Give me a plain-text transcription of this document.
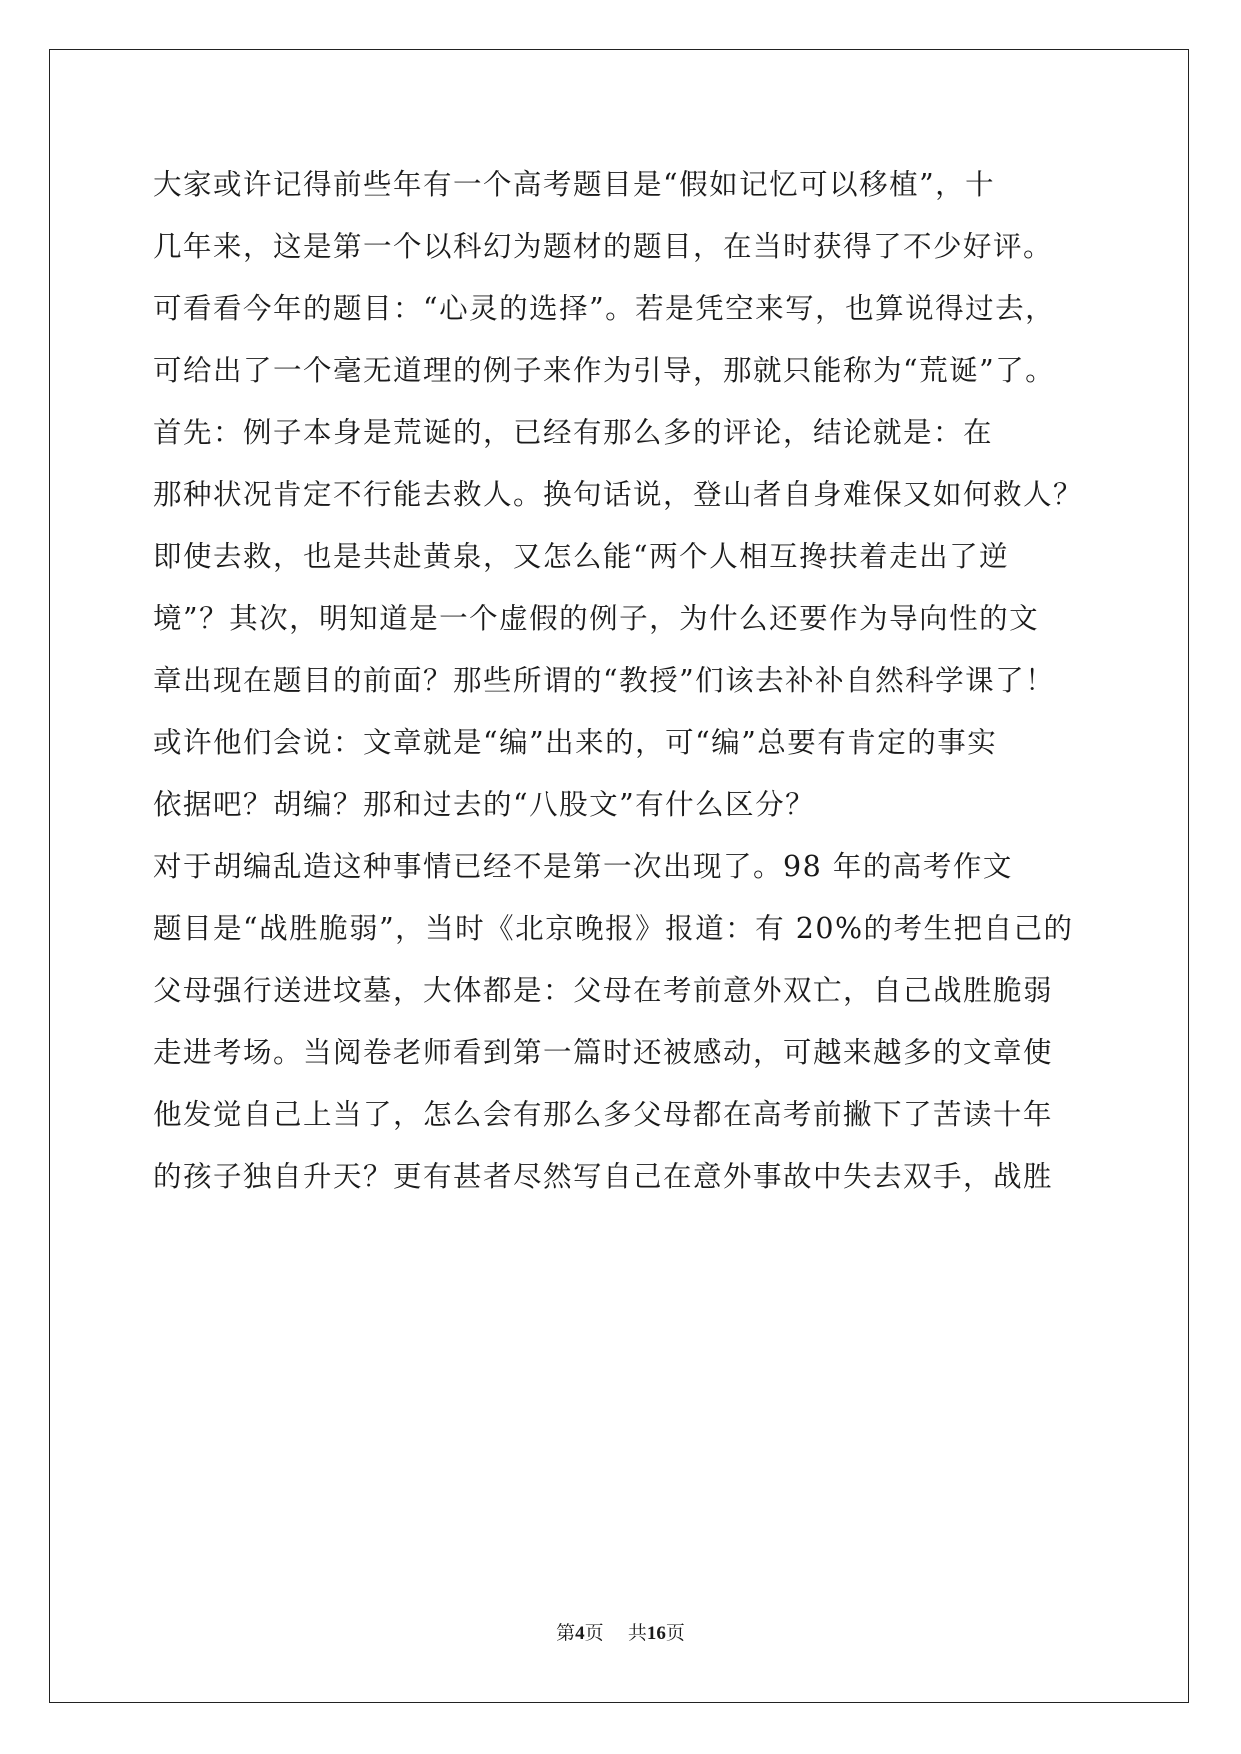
大家或许记得前些年有一个高考题目是“假如记忆可以移植”，十
几年来，这是第一个以科幻为题材的题目，在当时获得了不少好评。
可看看今年的题目：“心灵的选择”。若是凭空来写，也算说得过去，
可给出了一个毫无道理的例子来作为引导，那就只能称为“荒诞”了。
首先：例子本身是荒诞的，已经有那么多的评论，结论就是：在
那种状况肯定不行能去救人。换句话说，登山者自身难保又如何救人？
即使去救，也是共赴黄泉，又怎么能“两个人相互搀扶着走出了逆
境”？其次，明知道是一个虚假的例子，为什么还要作为导向性的文
章出现在题目的前面？那些所谓的“教授”们该去补补自然科学课了！
或许他们会说：文章就是“编”出来的，可“编”总要有肯定的事实
依据吧？胡编？那和过去的“八股文”有什么区分？
对于胡编乱造这种事情已经不是第一次出现了。98 年的高考作文
题目是“战胜脆弱”，当时《北京晚报》报道：有 20%的考生把自己的
父母强行送进坟墓，大体都是：父母在考前意外双亡，自己战胜脆弱
走进考场。当阅卷老师看到第一篇时还被感动，可越来越多的文章使
他发觉自己上当了，怎么会有那么多父母都在高考前撇下了苦读十年
的孩子独自升天？更有甚者尽然写自己在意外事故中失去双手，战胜
第4页 共16页
